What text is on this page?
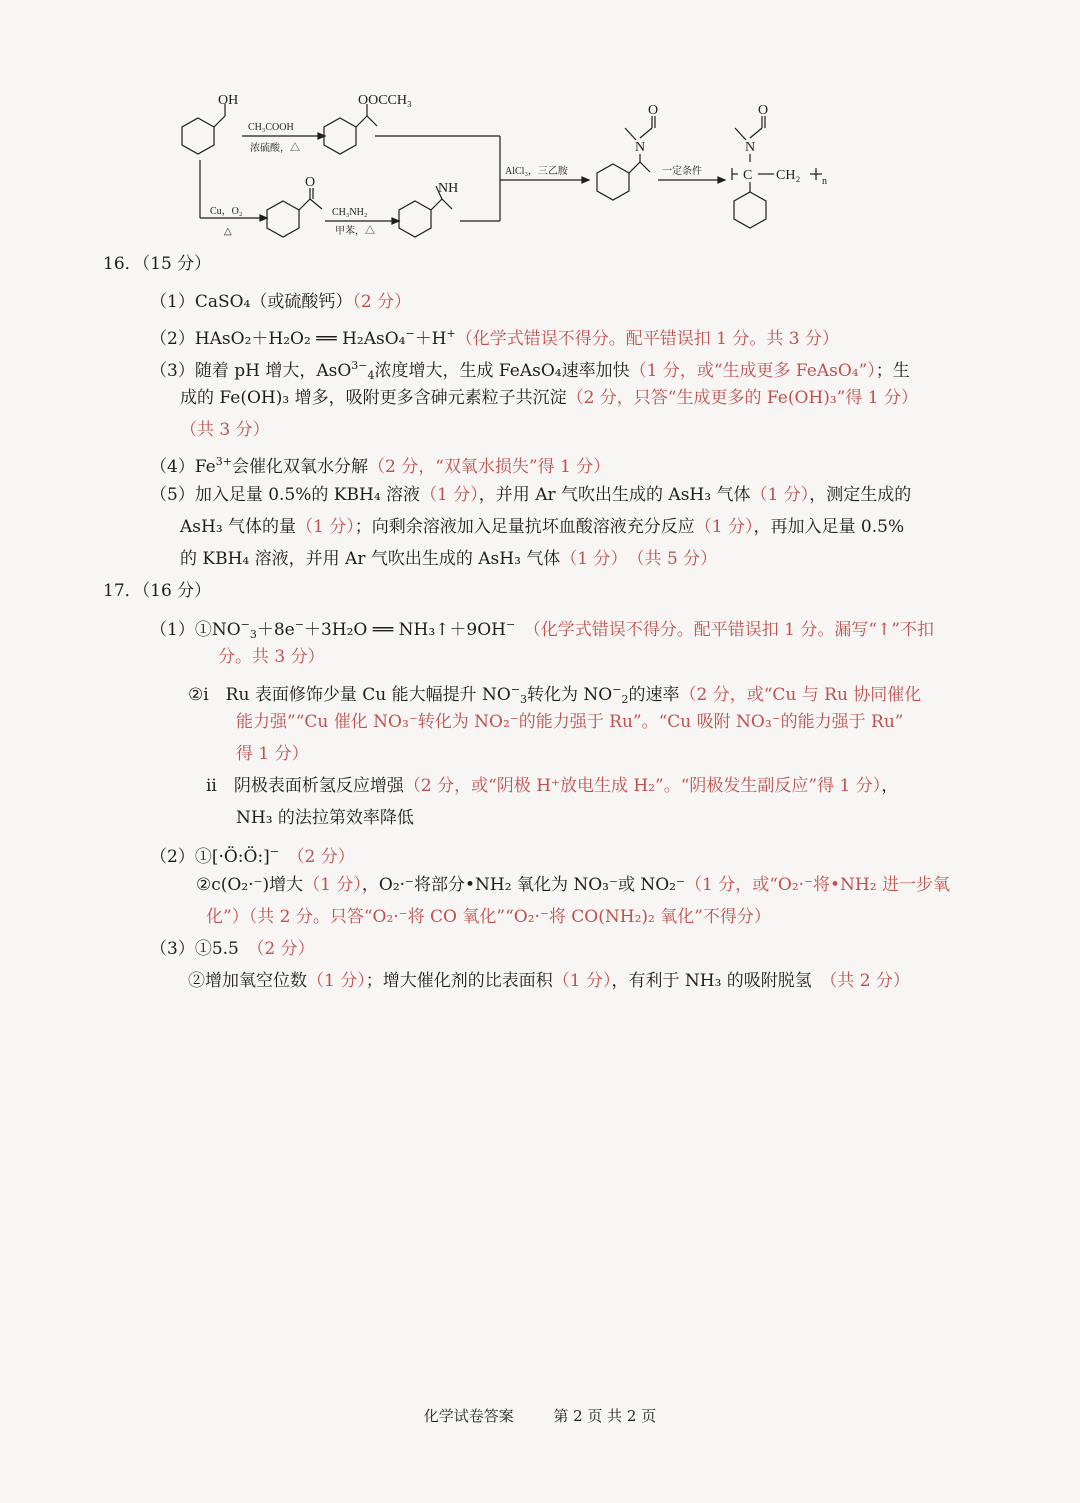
OH	OOCCH₃
CH₃COOH
浓硫酸，△
Cu，O₂
△
O
CH₃NH₂
甲苯，△
NH
AlCl₃，三乙胺
O
N
一定条件
O
N
C CH₂ n
16．（15 分）
（1）CaSO₄（或硫酸钙）（2 分）
（2）HAsO₂＋H₂O₂ ══ H₂AsO₄−＋H+（化学式错误不得分。配平错误扣 1 分。共 3 分）
（3）随着 pH 增大，AsO$^{3-}_4$浓度增大，生成 FeAsO₄速率加快（1 分，或“生成更多 FeAsO₄”）；生
成的 Fe(OH)₃ 增多，吸附更多含砷元素粒子共沉淀（2 分，只答“生成更多的 Fe(OH)₃”得 1 分）
（共 3 分）
$(4)Fe^{3+}$会催化双氧水分解（2 分，“双氧水损失”得 1 分）
（5）加入足量 0.5%的 KBH₄ 溶液（1 分），并用 Ar 气吹出生成的 AsH₃ 气体（1 分），测定生成的
AsH₃ 气体的量（1 分）；向剩余溶液加入足量抗坏血酸溶液充分反应（1 分），再加入足量 0.5%
的 KBH₄ 溶液，并用 Ar 气吹出生成的 AsH₃ 气体（1 分）　 （共 5 分）
17．（16 分）
$(1)①NO^-_3+8e^-+3H_2O$ ══ NH₃↑＋9OH−　 （化学式错误不得分。配平错误扣 1 分。漏写“↑”不扣
分。共 3 分）
②i　Ru 表面修饰少量 Cu 能大幅提升 $NO^-_3$转化为 $NO^-_2$的速率（2 分，或“Cu 与 Ru 协同催化
能力强”“Cu 催化 NO₃⁻转化为 NO₂⁻的能力强于 Ru”。“Cu 吸附 NO₃⁻的能力强于 Ru”
得 1 分）
ii　阴极表面析氢反应增强（2 分，或“阴极 H⁺放电生成 H₂”。“阴极发生副反应”得 1 分），
NH₃ 的法拉第效率降低
（2）①[·Ö:Ö:]−　 （2 分）
②c(O₂·⁻)增大（1 分），O₂·⁻将部分•NH₂ 氧化为 NO₃⁻或 NO₂⁻（1 分，或“O₂·⁻将•NH₂ 进一步氧
化”）（共 2 分。只答“O₂·⁻将 CO 氧化”“O₂·⁻将 CO(NH₂)₂ 氧化”不得分）
（3）①5.5　 （2 分）
②增加氧空位数（1 分）；增大催化剂的比表面积（1 分），有利于 NH₃ 的吸附脱氢　 （共 2 分）
化学试卷答案	第 2 页 共 2 页
